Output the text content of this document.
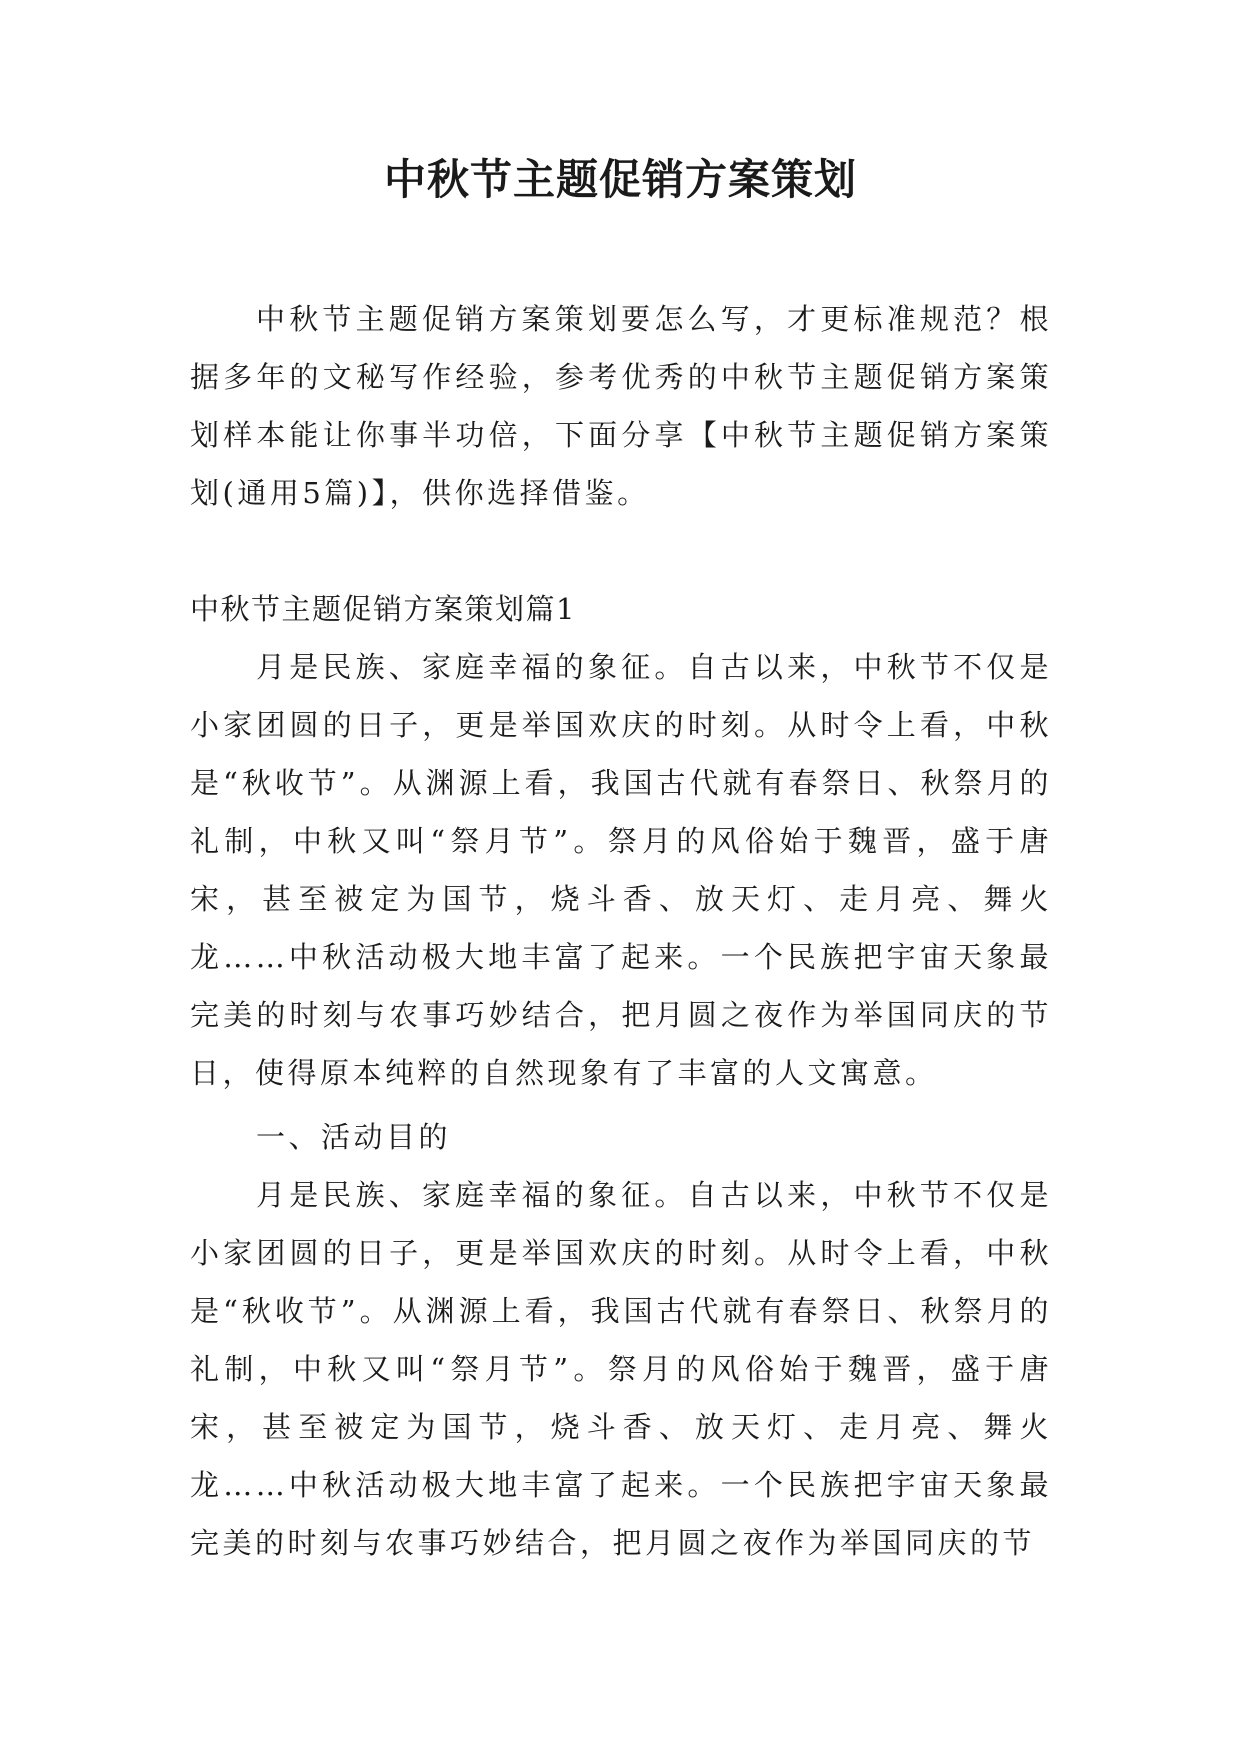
中秋节主题促销方案策划

中秋节主题促销方案策划要怎么写，才更标准规范？根据多年的文秘写作经验，参考优秀的中秋节主题促销方案策划样本能让你事半功倍，下面分享【中秋节主题促销方案策划(通用5篇)】，供你选择借鉴。

中秋节主题促销方案策划篇1

月是民族、家庭幸福的象征。自古以来，中秋节不仅是小家团圆的日子，更是举国欢庆的时刻。从时令上看，中秋是“秋收节”。从渊源上看，我国古代就有春祭日、秋祭月的礼制，中秋又叫“祭月节”。祭月的风俗始于魏晋，盛于唐宋，甚至被定为国节，烧斗香、放天灯、走月亮、舞火龙……中秋活动极大地丰富了起来。一个民族把宇宙天象最完美的时刻与农事巧妙结合，把月圆之夜作为举国同庆的节日，使得原本纯粹的自然现象有了丰富的人文寓意。

一、活动目的

月是民族、家庭幸福的象征。自古以来，中秋节不仅是小家团圆的日子，更是举国欢庆的时刻。从时令上看，中秋是“秋收节”。从渊源上看，我国古代就有春祭日、秋祭月的礼制，中秋又叫“祭月节”。祭月的风俗始于魏晋，盛于唐宋，甚至被定为国节，烧斗香、放天灯、走月亮、舞火龙……中秋活动极大地丰富了起来。一个民族把宇宙天象最完美的时刻与农事巧妙结合，把月圆之夜作为举国同庆的节
